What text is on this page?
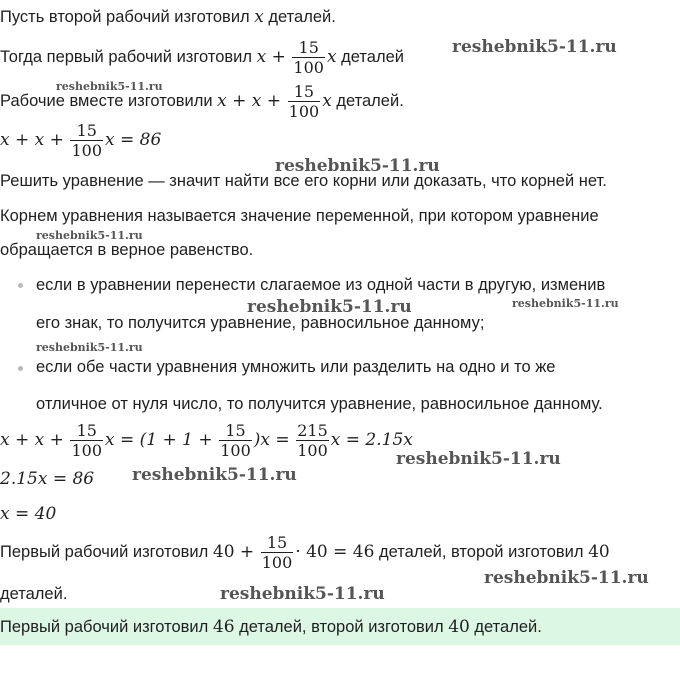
Пусть второй рабочий изготовил x деталей.
Тогда первый рабочий изготовил $x + \frac{15}{100}$ x деталей
Рабочие вместе изготовили $x + x + \frac{15}{100}$ x деталей.
$x + x + \frac{15}{100}$ x = 86
Решить уравнение — значит найти все его корни или доказать, что корней нет.
Корнем уравнения называется значение переменной, при котором уравнение
обращается в верное равенство.
если в уравнении перенести слагаемое из одной части в другую, изменив
его знак, то получится уравнение, равносильное данному;
если обе части уравнения умножить или разделить на одно и то же
отличное от нуля число, то получится уравнение, равносильное данному.
$x + x + \frac{15}{100}$ $x = (1 + 1 + \frac{15}{100} )x = \frac{215}{100}$ x = 2.15x
2.15x = 86
x = 40
Первый рабочий изготовил $40 + \frac{15}{100} \cdot 40 = 46$ деталей, второй изготовил 40
деталей.
Первый рабочий изготовил 46 деталей, второй изготовил 40 деталей.
reshebnik5-11.ru
reshebnik5-11.ru
reshebnik5-11.ru
reshebnik5-11.ru
reshebnik5-11.ru	reshebnik5-11.ru
reshebnik5-11.ru
reshebnik5-11.ru
reshebnik5-11.ru
reshebnik5-11.ru
reshebnik5-11.ru
